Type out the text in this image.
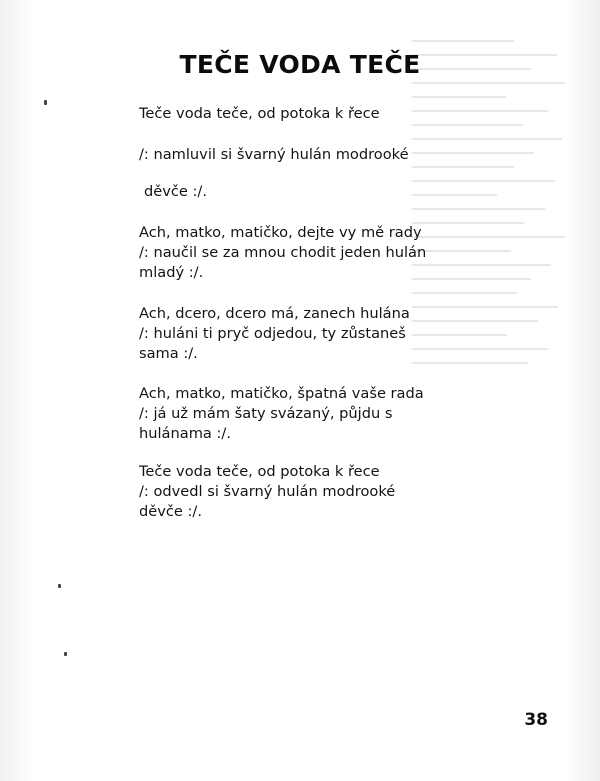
TEČE VODA TEČE
Teče voda teče, od potoka k řece
/: namluvil si švarný hulán modrooké
děvče :/.
Ach, matko, matičko, dejte vy mě rady
/: naučil se za mnou chodit jeden hulán
mladý :/.
Ach, dcero, dcero má, zanech hulána
/: huláni ti pryč odjedou, ty zůstaneš
sama :/.
Ach, matko, matičko, špatná vaše rada
/: já už mám šaty svázaný, půjdu s
hulánama :/.
Teče voda teče, od potoka k řece
/: odvedl si švarný hulán modrooké
děvče :/.
38
